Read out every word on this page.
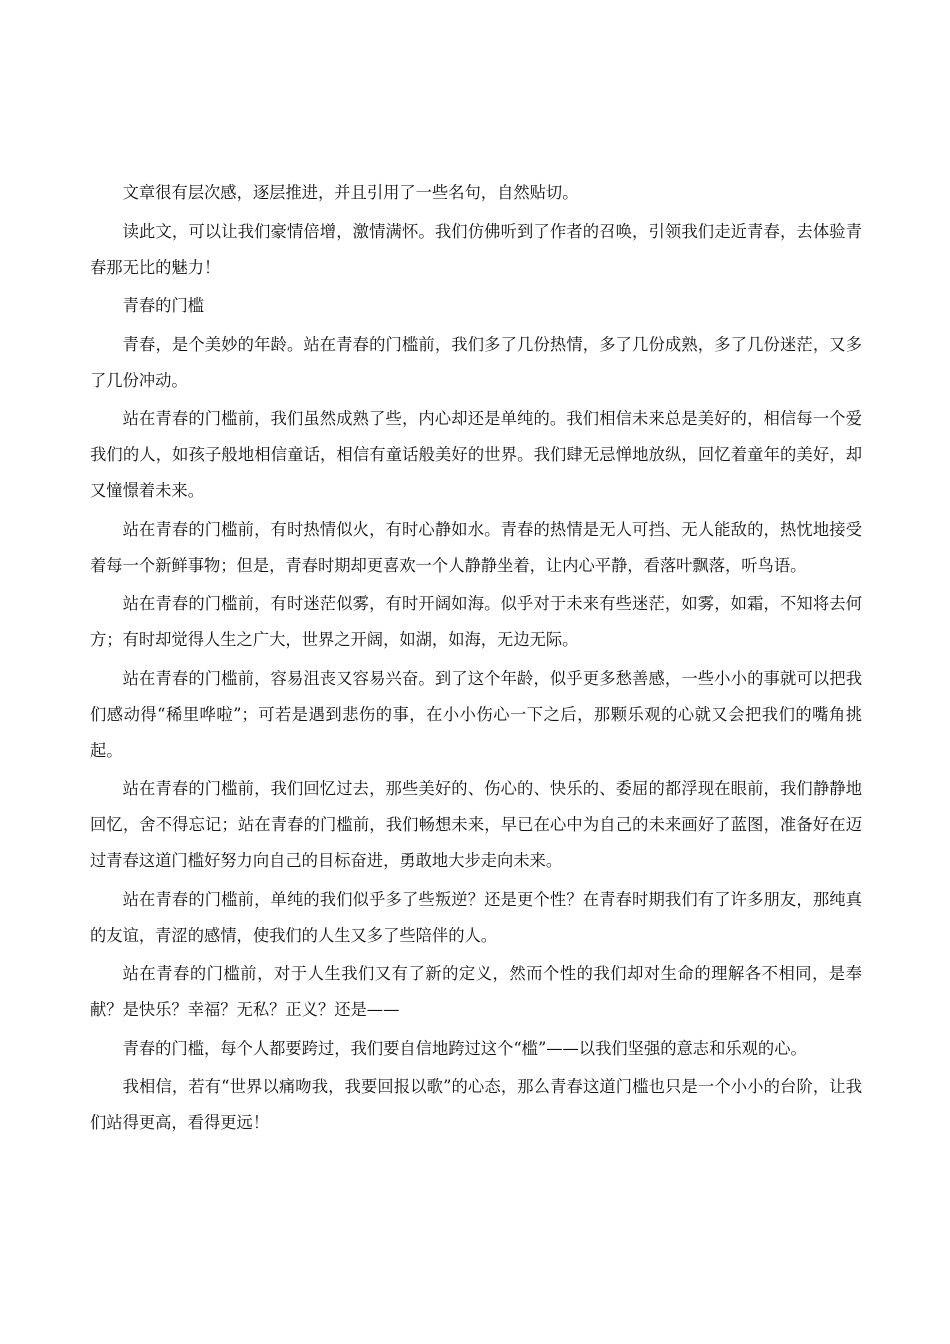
文章很有层次感，逐层推进，并且引用了一些名句，自然贴切。

读此文，可以让我们豪情倍增，激情满怀。我们仿佛听到了作者的召唤，引领我们走近青春，去体验青春那无比的魅力！

青春的门槛

青春，是个美妙的年龄。站在青春的门槛前，我们多了几份热情，多了几份成熟，多了几份迷茫，又多了几份冲动。

站在青春的门槛前，我们虽然成熟了些，内心却还是单纯的。我们相信未来总是美好的，相信每一个爱我们的人，如孩子般地相信童话，相信有童话般美好的世界。我们肆无忌惮地放纵，回忆着童年的美好，却又憧憬着未来。

站在青春的门槛前，有时热情似火，有时心静如水。青春的热情是无人可挡、无人能敌的，热忱地接受着每一个新鲜事物；但是，青春时期却更喜欢一个人静静坐着，让内心平静，看落叶飘落，听鸟语。

站在青春的门槛前，有时迷茫似雾，有时开阔如海。似乎对于未来有些迷茫，如雾，如霜，不知将去何方；有时却觉得人生之广大，世界之开阔，如湖，如海，无边无际。

站在青春的门槛前，容易沮丧又容易兴奋。到了这个年龄，似乎更多愁善感，一些小小的事就可以把我们感动得“稀里哗啦”；可若是遇到悲伤的事，在小小伤心一下之后，那颗乐观的心就又会把我们的嘴角挑起。

站在青春的门槛前，我们回忆过去，那些美好的、伤心的、快乐的、委屈的都浮现在眼前，我们静静地回忆，舍不得忘记；站在青春的门槛前，我们畅想未来，早已在心中为自己的未来画好了蓝图，准备好在迈过青春这道门槛好努力向自己的目标奋进，勇敢地大步走向未来。

站在青春的门槛前，单纯的我们似乎多了些叛逆？还是更个性？在青春时期我们有了许多朋友，那纯真的友谊，青涩的感情，使我们的人生又多了些陪伴的人。

站在青春的门槛前，对于人生我们又有了新的定义，然而个性的我们却对生命的理解各不相同，是奉献？是快乐？幸福？无私？正义？还是——

青春的门槛，每个人都要跨过，我们要自信地跨过这个“槛”——以我们坚强的意志和乐观的心。

我相信，若有“世界以痛吻我，我要回报以歌”的心态，那么青春这道门槛也只是一个小小的台阶，让我们站得更高，看得更远！
